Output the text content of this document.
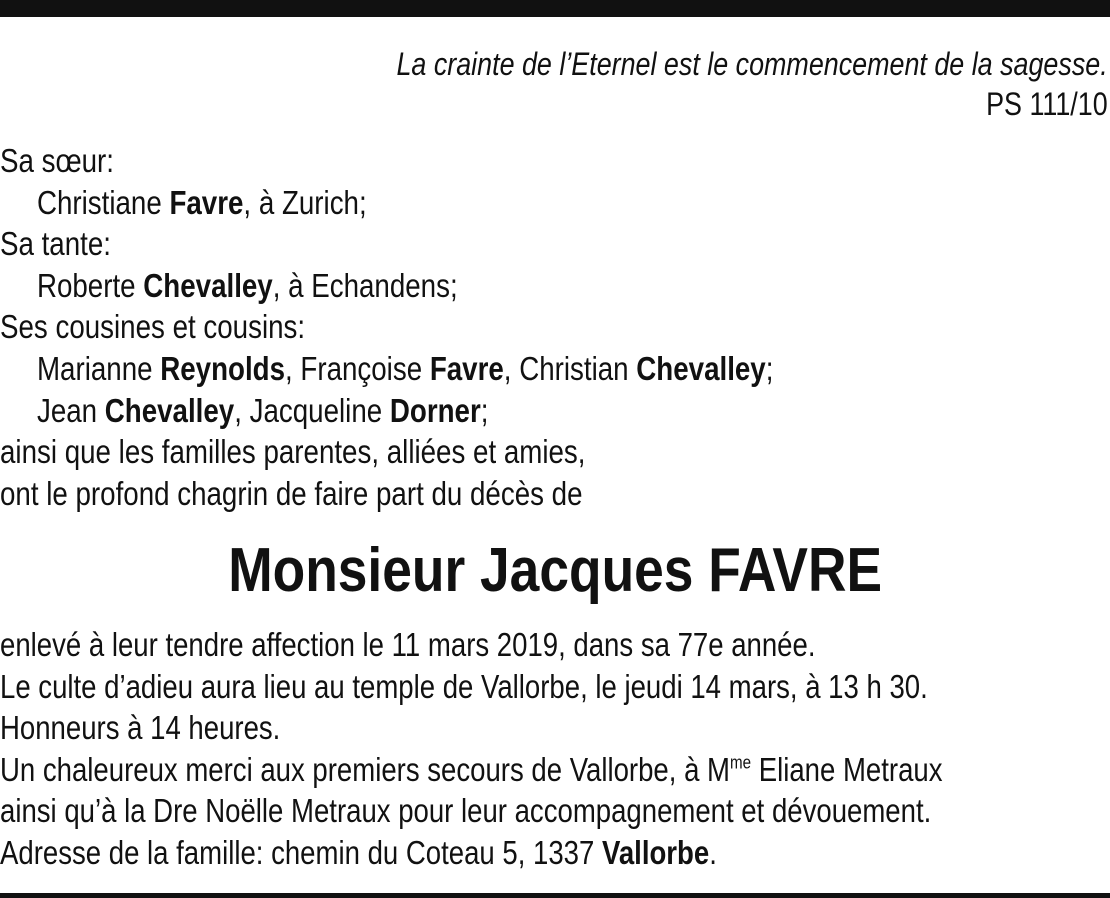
La crainte de l’Eternel est le commencement de la sagesse.
PS 111/10
Sa sœur:
Christiane Favre, à Zurich;
Sa tante:
Roberte Chevalley, à Echandens;
Ses cousines et cousins:
Marianne Reynolds, Françoise Favre, Christian Chevalley;
Jean Chevalley, Jacqueline Dorner;
ainsi que les familles parentes, alliées et amies,
ont le profond chagrin de faire part du décès de
Monsieur Jacques FAVRE
enlevé à leur tendre affection le 11 mars 2019, dans sa 77e année.
Le culte d’adieu aura lieu au temple de Vallorbe, le jeudi 14 mars, à 13 h 30.
Honneurs à 14 heures.
Un chaleureux merci aux premiers secours de Vallorbe, à $M^{me}$ Eliane Metraux
ainsi qu’à la Dre Noëlle Metraux pour leur accompagnement et dévouement.
Adresse de la famille: chemin du Coteau 5, 1337 Vallorbe.
